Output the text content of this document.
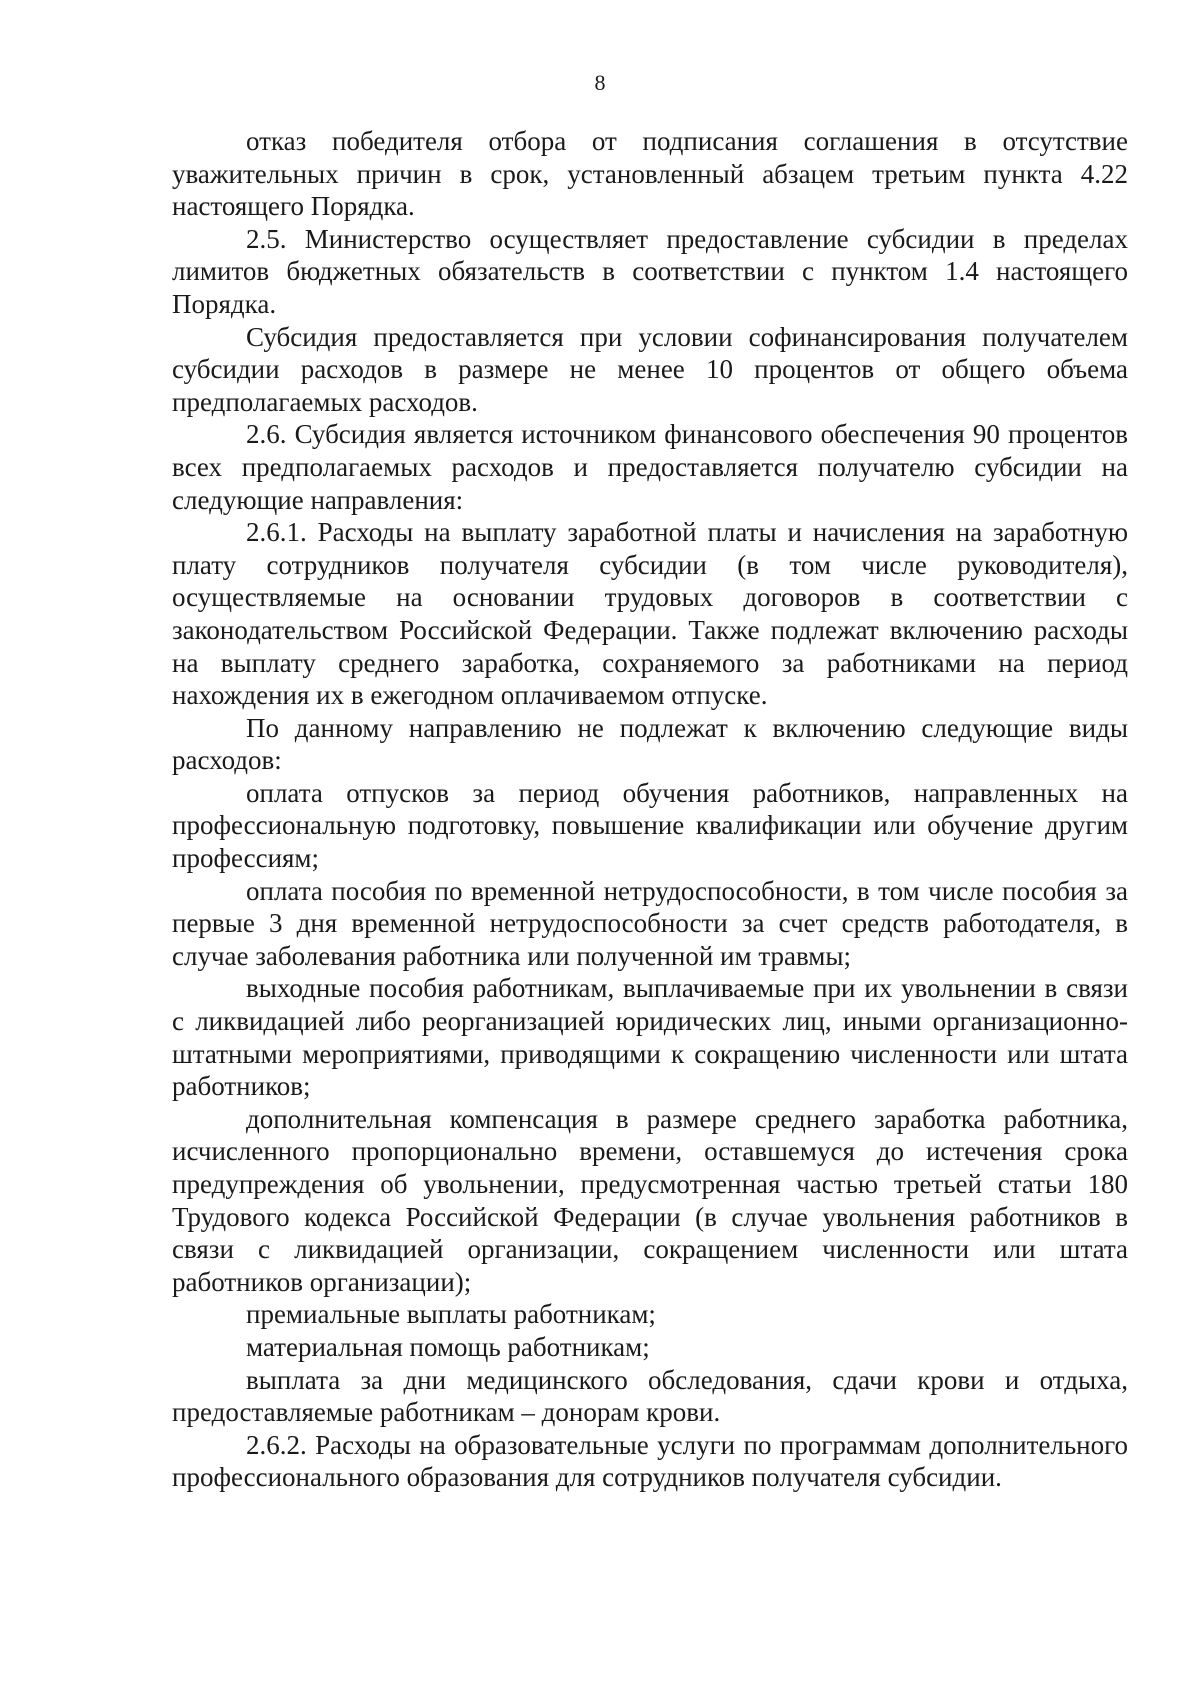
8

отказ победителя отбора от подписания соглашения в отсутствие уважительных причин в срок, установленный абзацем третьим пункта 4.22 настоящего Порядка.

2.5. Министерство осуществляет предоставление субсидии в пределах лимитов бюджетных обязательств в соответствии с пунктом 1.4 настоящего Порядка.

Субсидия предоставляется при условии софинансирования получателем субсидии расходов в размере не менее 10 процентов от общего объема предполагаемых расходов.

2.6. Субсидия является источником финансового обеспечения 90 процентов всех предполагаемых расходов и предоставляется получателю субсидии на следующие направления:

2.6.1. Расходы на выплату заработной платы и начисления на заработную плату сотрудников получателя субсидии (в том числе руководителя), осуществляемые на основании трудовых договоров в соответствии с законодательством Российской Федерации. Также подлежат включению расходы на выплату среднего заработка, сохраняемого за работниками на период нахождения их в ежегодном оплачиваемом отпуске.

По данному направлению не подлежат к включению следующие виды расходов:

оплата отпусков за период обучения работников, направленных на профессиональную подготовку, повышение квалификации или обучение другим профессиям;

оплата пособия по временной нетрудоспособности, в том числе пособия за первые 3 дня временной нетрудоспособности за счет средств работодателя, в случае заболевания работника или полученной им травмы;

выходные пособия работникам, выплачиваемые при их увольнении в связи с ликвидацией либо реорганизацией юридических лиц, иными организационно-штатными мероприятиями, приводящими к сокращению численности или штата работников;

дополнительная компенсация в размере среднего заработка работника, исчисленного пропорционально времени, оставшемуся до истечения срока предупреждения об увольнении, предусмотренная частью третьей статьи 180 Трудового кодекса Российской Федерации (в случае увольнения работников в связи с ликвидацией организации, сокращением численности или штата работников организации);

премиальные выплаты работникам;

материальная помощь работникам;

выплата за дни медицинского обследования, сдачи крови и отдыха, предоставляемые работникам – донорам крови.

2.6.2. Расходы на образовательные услуги по программам дополнительного профессионального образования для сотрудников получателя субсидии.
